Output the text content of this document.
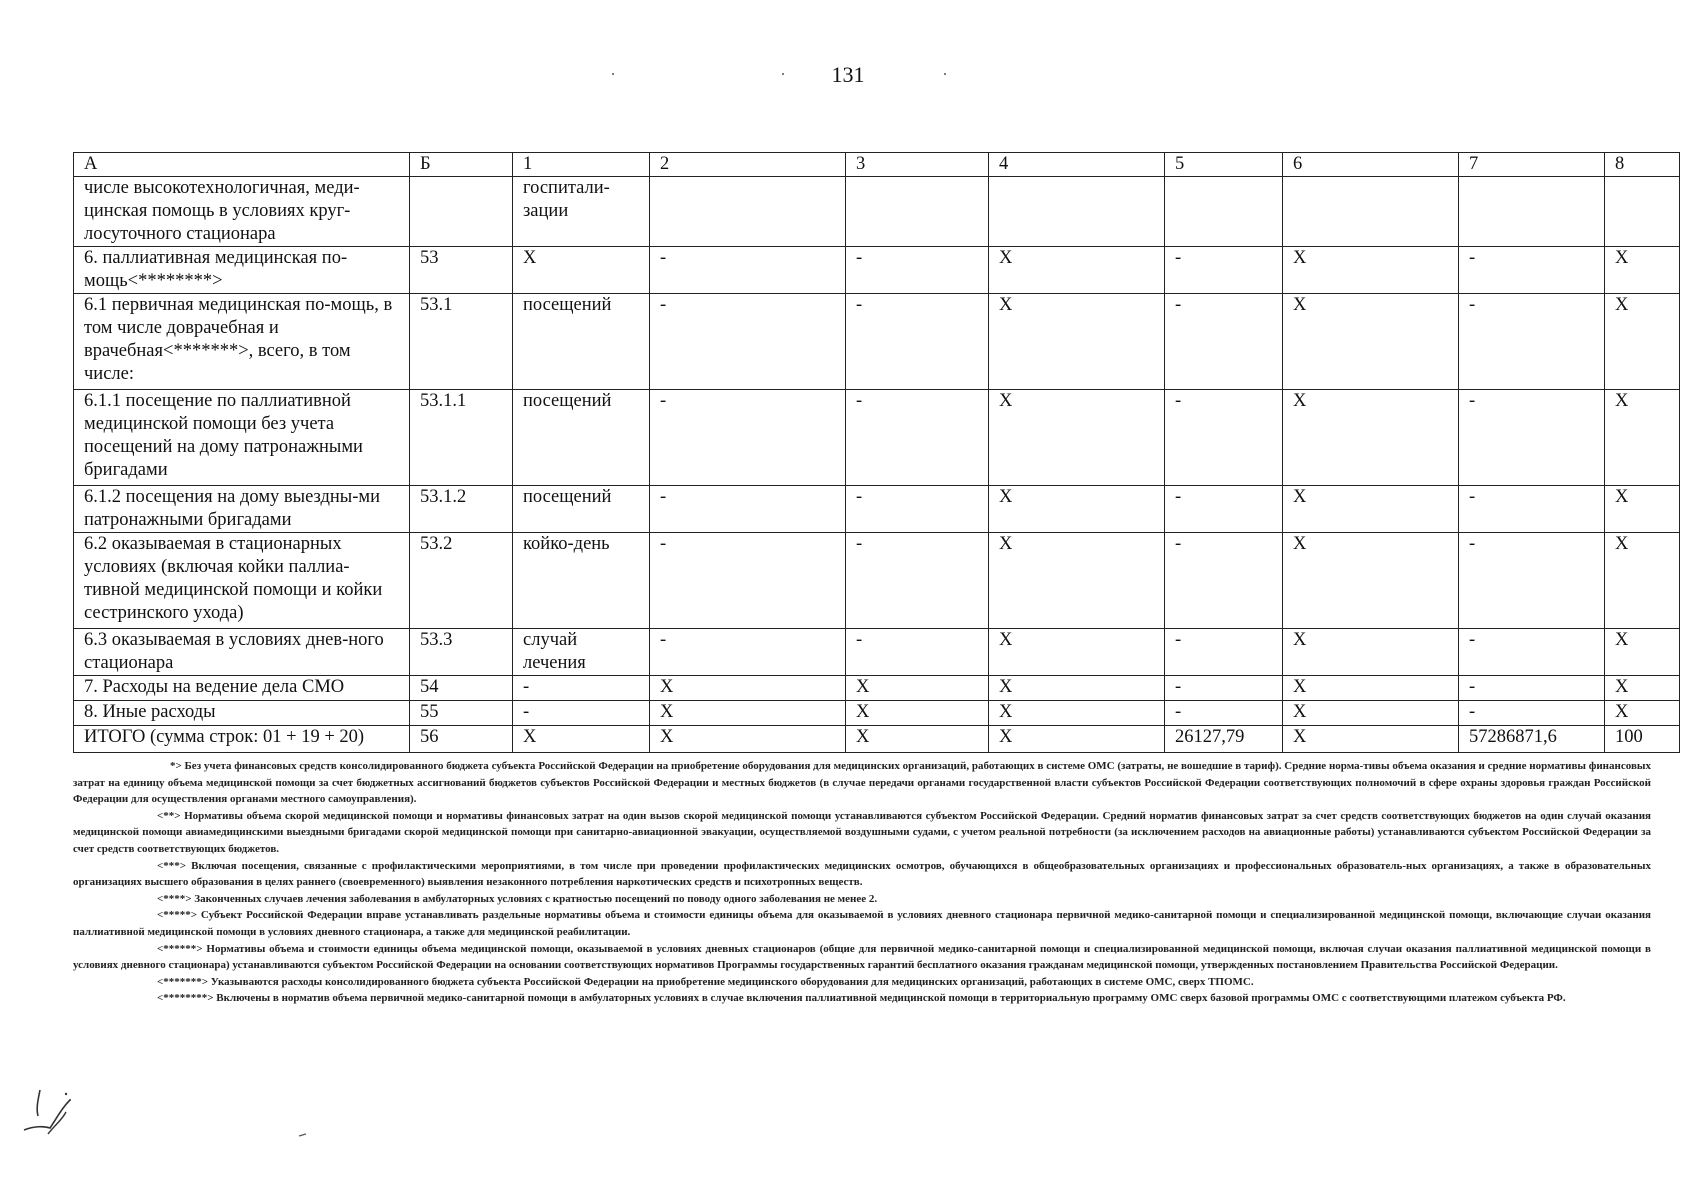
131
А	Б	1	2	3	4	5	6	7	8
числе высокотехнологичная, меди-цинская помощь в условиях круг-лосуточного стационара		госпитали-зации							
6. паллиативная медицинская по-мощь<********>	53	X	-	-	X	-	X	-	X
6.1 первичная медицинская по-мощь, в том числе доврачебная и врачебная<*******>, всего, в том числе:	53.1	посещений	-	-	X	-	X	-	X
6.1.1 посещение по паллиативной медицинской помощи без учета посещений на дому патронажными бригадами	53.1.1	посещений	-	-	X	-	X	-	X
6.1.2 посещения на дому выездны-ми патронажными бригадами	53.1.2	посещений	-	-	X	-	X	-	X
6.2 оказываемая в стационарных условиях (включая койки паллиа-тивной медицинской помощи и койки сестринского ухода)	53.2	койко-день	-	-	X	-	X	-	X
6.3 оказываемая в условиях днев-ного стационара	53.3	случай лечения	-	-	X	-	X	-	X
7. Расходы на ведение дела СМО	54	-	X	X	X	-	X	-	X
8. Иные расходы	55	-	X	X	X	-	X	-	X
ИТОГО (сумма строк: 01 + 19 + 20)	56	X	X	X	X	26127,79	X	57286871,6	100

*> Без учета финансовых средств консолидированного бюджета субъекта Российской Федерации на приобретение оборудования для медицинских организаций, работающих в системе ОМС (затраты, не вошедшие в тариф). Средние норма-тивы объема оказания и средние нормативы финансовых затрат на единицу объема медицинской помощи за счет бюджетных ассигнований бюджетов субъектов Российской Федерации и местных бюджетов (в случае передачи органами государственной власти субъектов Российской Федерации соответствующих полномочий в сфере охраны здоровья граждан Российской Федерации для осуществления органами местного самоуправления).

<**> Нормативы объема скорой медицинской помощи и нормативы финансовых затрат на один вызов скорой медицинской помощи устанавливаются субъектом Российской Федерации. Средний норматив финансовых затрат за счет средств соответствующих бюджетов на один случай оказания медицинской помощи авиамедицинскими выездными бригадами скорой медицинской помощи при санитарно-авиационной эвакуации, осуществляемой воздушными судами, с учетом реальной потребности (за исключением расходов на авиационные работы) устанавливаются субъектом Российской Федерации за счет средств соответствующих бюджетов.

<***> Включая посещения, связанные с профилактическими мероприятиями, в том числе при проведении профилактических медицинских осмотров, обучающихся в общеобразовательных организациях и профессиональных образователь-ных организациях, а также в образовательных организациях высшего образования в целях раннего (своевременного) выявления незаконного потребления наркотических средств и психотропных веществ.

<****> Законченных случаев лечения заболевания в амбулаторных условиях с кратностью посещений по поводу одного заболевания не менее 2.

<*****> Субъект Российской Федерации вправе устанавливать раздельные нормативы объема и стоимости единицы объема для оказываемой в условиях дневного стационара первичной медико-санитарной помощи и специализированной медицинской помощи, включающие случаи оказания паллиативной медицинской помощи в условиях дневного стационара, а также для медицинской реабилитации.

<******> Нормативы объема и стоимости единицы объема медицинской помощи, оказываемой в условиях дневных стационаров (общие для первичной медико-санитарной помощи и специализированной медицинской помощи, включая случаи оказания паллиативной медицинской помощи в условиях дневного стационара) устанавливаются субъектом Российской Федерации на основании соответствующих нормативов Программы государственных гарантий бесплатного оказания гражданам медицинской помощи, утвержденных постановлением Правительства Российской Федерации.

<*******> Указываются расходы консолидированного бюджета субъекта Российской Федерации на приобретение медицинского оборудования для медицинских организаций, работающих в системе ОМС, сверх ТПОМС.

<********> Включены в норматив объема первичной медико-санитарной помощи в амбулаторных условиях в случае включения паллиативной медицинской помощи в территориальную программу ОМС сверх базовой программы ОМС с соответствующими платежом субъекта РФ.
